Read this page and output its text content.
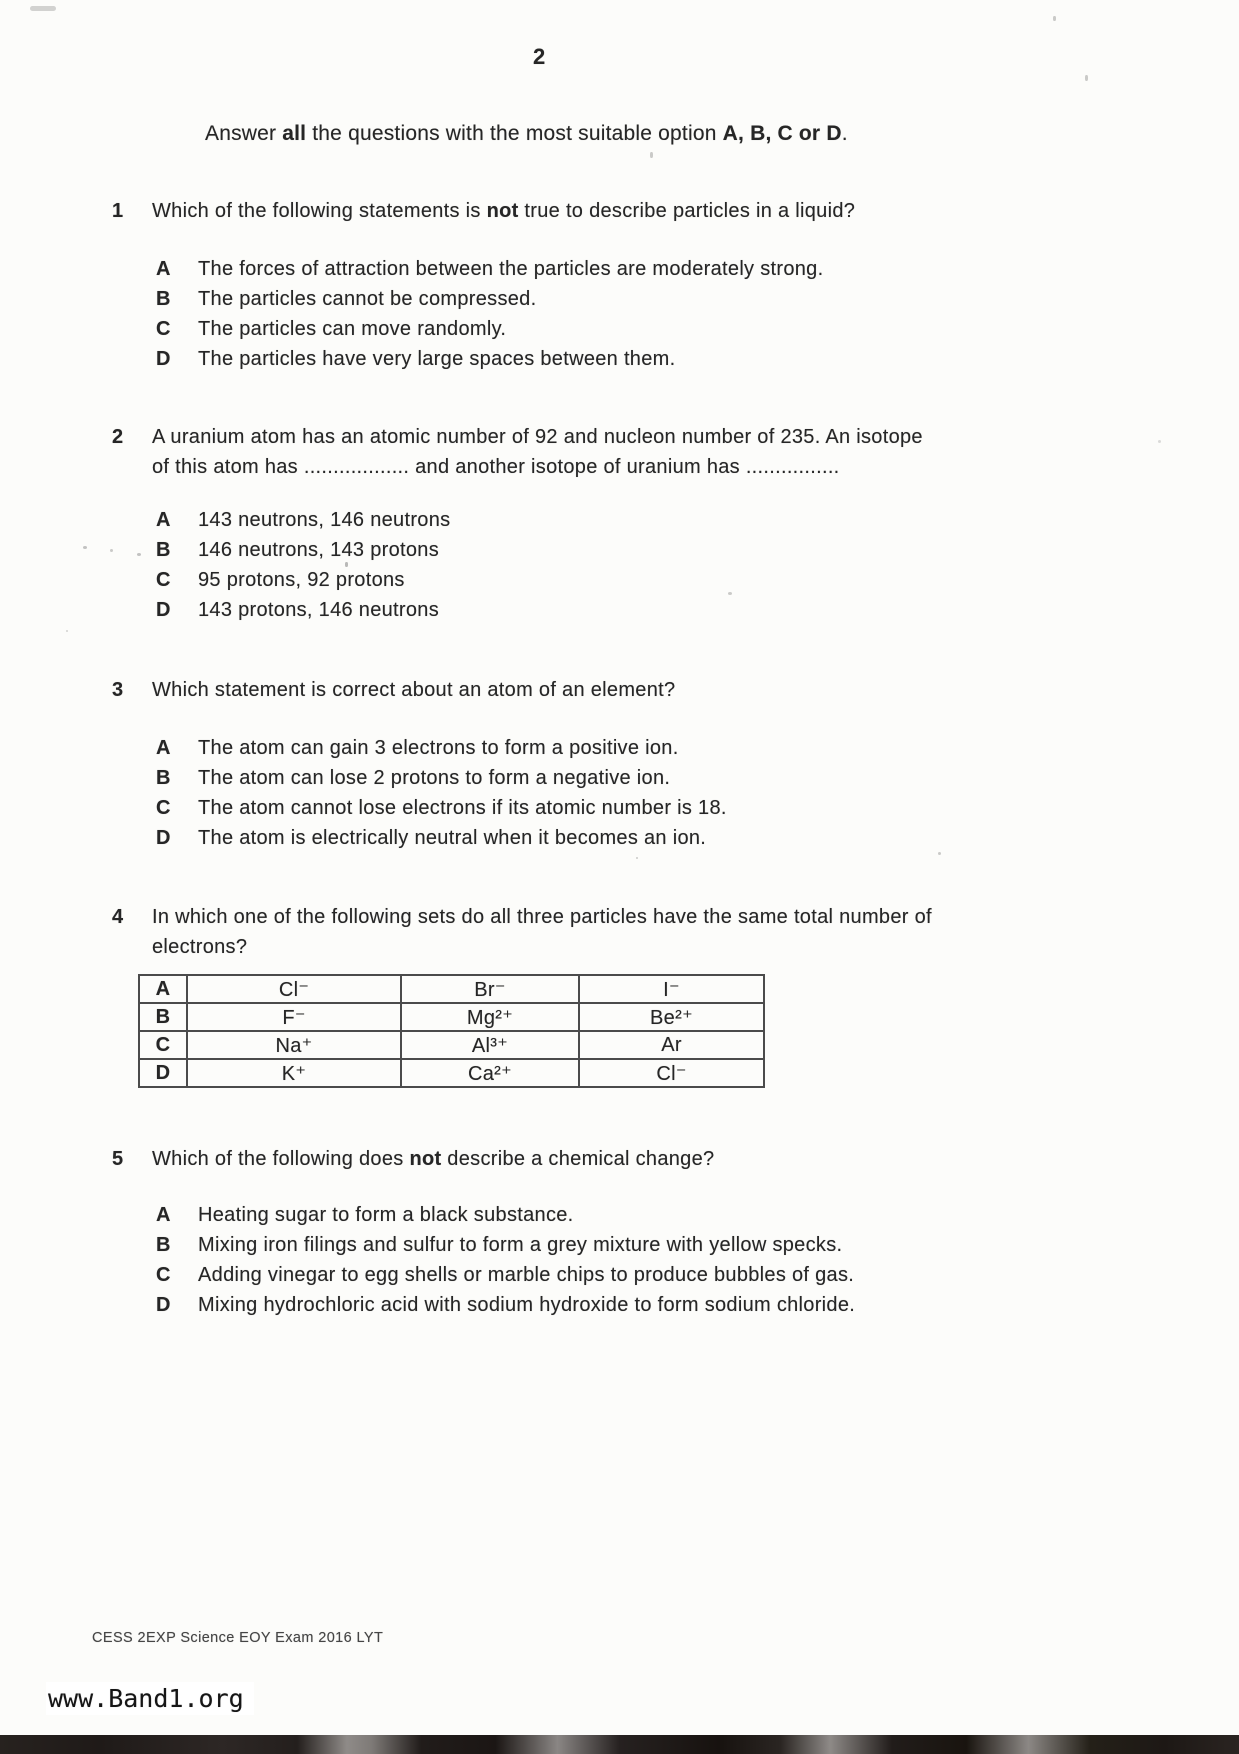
2
Answer all the questions with the most suitable option A, B, C or D.
1	Which of the following statements is not true to describe particles in a liquid?
A	The forces of attraction between the particles are moderately strong.
B	The particles cannot be compressed.
C	The particles can move randomly.
D	The particles have very large spaces between them.
2	A uranium atom has an atomic number of 92 and nucleon number of 235. An isotope
of this atom has .................. and another isotope of uranium has ................
A	143 neutrons, 146 neutrons
B	146 neutrons, 143 protons
C	95 protons, 92 protons
D	143 protons, 146 neutrons
3	Which statement is correct about an atom of an element?
A	The atom can gain 3 electrons to form a positive ion.
B	The atom can lose 2 protons to form a negative ion.
C	The atom cannot lose electrons if its atomic number is 18.
D	The atom is electrically neutral when it becomes an ion.
4	In which one of the following sets do all three particles have the same total number of
electrons?
A	Cl⁻	Br⁻	I⁻
B	F⁻	Mg²⁺	Be²⁺
C	Na⁺	Al³⁺	Ar
D	K⁺	Ca²⁺	Cl⁻
5	Which of the following does not describe a chemical change?
A	Heating sugar to form a black substance.
B	Mixing iron filings and sulfur to form a grey mixture with yellow specks.
C	Adding vinegar to egg shells or marble chips to produce bubbles of gas.
D	Mixing hydrochloric acid with sodium hydroxide to form sodium chloride.
CESS 2EXP Science EOY Exam 2016 LYT
www.Band1.org
